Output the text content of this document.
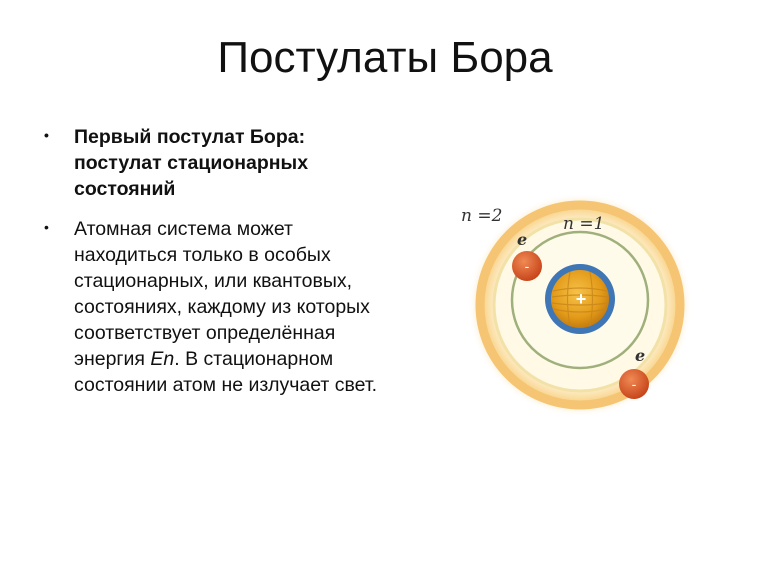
Постулаты Бора
• Первый постулат Бора: постулат стационарных состояний
• Атомная система может находиться только в особых стационарных, или квантовых, состояниях, каждому из которых соответствует определённая энергия Еn. В стационарном состоянии атом не излучает свет.
+
e
-
e
-
n =2	n =1
